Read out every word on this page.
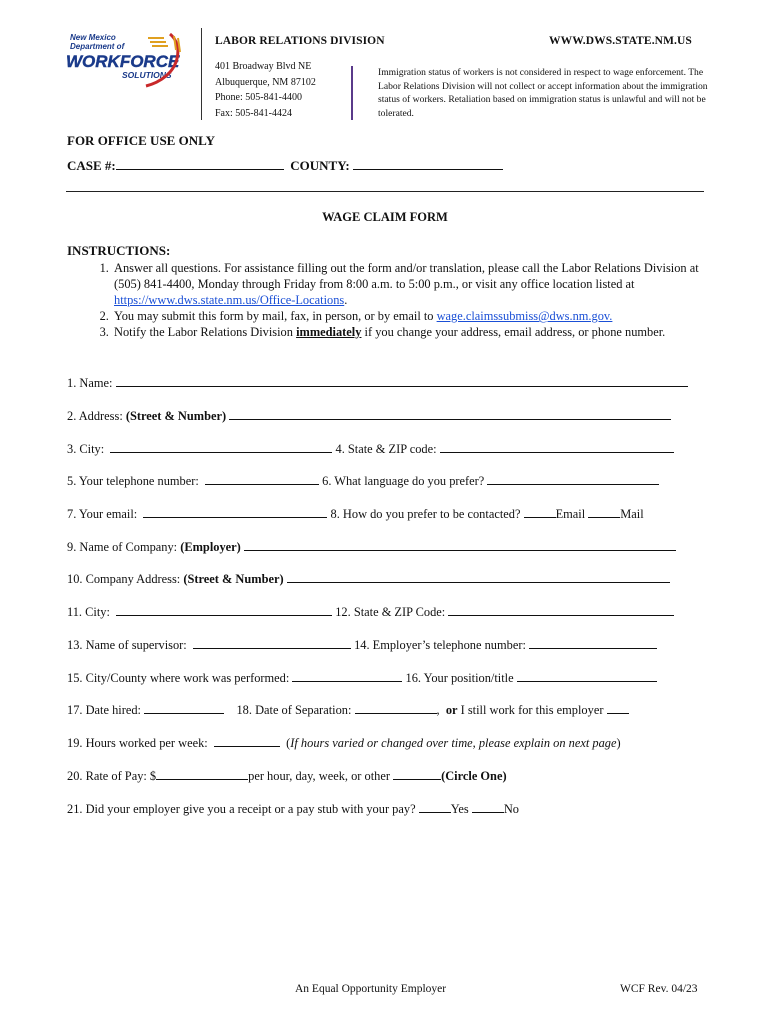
New Mexico
Department of
WORKFORCE
SOLUTIONS
LABOR RELATIONS DIVISION	WWW.DWS.STATE.NM.US
401 Broadway Blvd NE
Albuquerque, NM 87102
Phone: 505-841-4400
Fax: 505-841-4424
Immigration status of workers is not considered in respect to wage enforcement. The Labor Relations Division will not collect or accept information about the immigration status of workers. Retaliation based on immigration status is unlawful and will not be tolerated.
FOR OFFICE USE ONLY
CASE #:	COUNTY:
WAGE CLAIM FORM
INSTRUCTIONS:
1. Answer all questions. For assistance filling out the form and/or translation, please call the Labor Relations Division at (505) 841-4400, Monday through Friday from 8:00 a.m. to 5:00 p.m., or visit any office location listed at https://www.dws.state.nm.us/Office-Locations.
2. You may submit this form by mail, fax, in person, or by email to wage.claimssubmiss@dws.nm.gov.
3. Notify the Labor Relations Division immediately if you change your address, email address, or phone number.
1. Name:
2. Address: (Street & Number)
3. City:	4. State & ZIP code:
5. Your telephone number:	6. What language do you prefer?
7. Your email:	8. How do you prefer to be contacted?	Email	Mail
9. Name of Company: (Employer)
10. Company Address: (Street & Number)
11. City:	12. State & ZIP Code:
13. Name of supervisor:	14. Employer’s telephone number:
15. City/County where work was performed:	16. Your position/title
17. Date hired:	18. Date of Separation:	,  or I still work for this employer
19. Hours worked per week:	(If hours varied or changed over time, please explain on next page)
20. Rate of Pay: $	per hour, day, week, or other	(Circle One)
21. Did your employer give you a receipt or a pay stub with your pay?	Yes	No
An Equal Opportunity Employer	WCF Rev. 04/23
